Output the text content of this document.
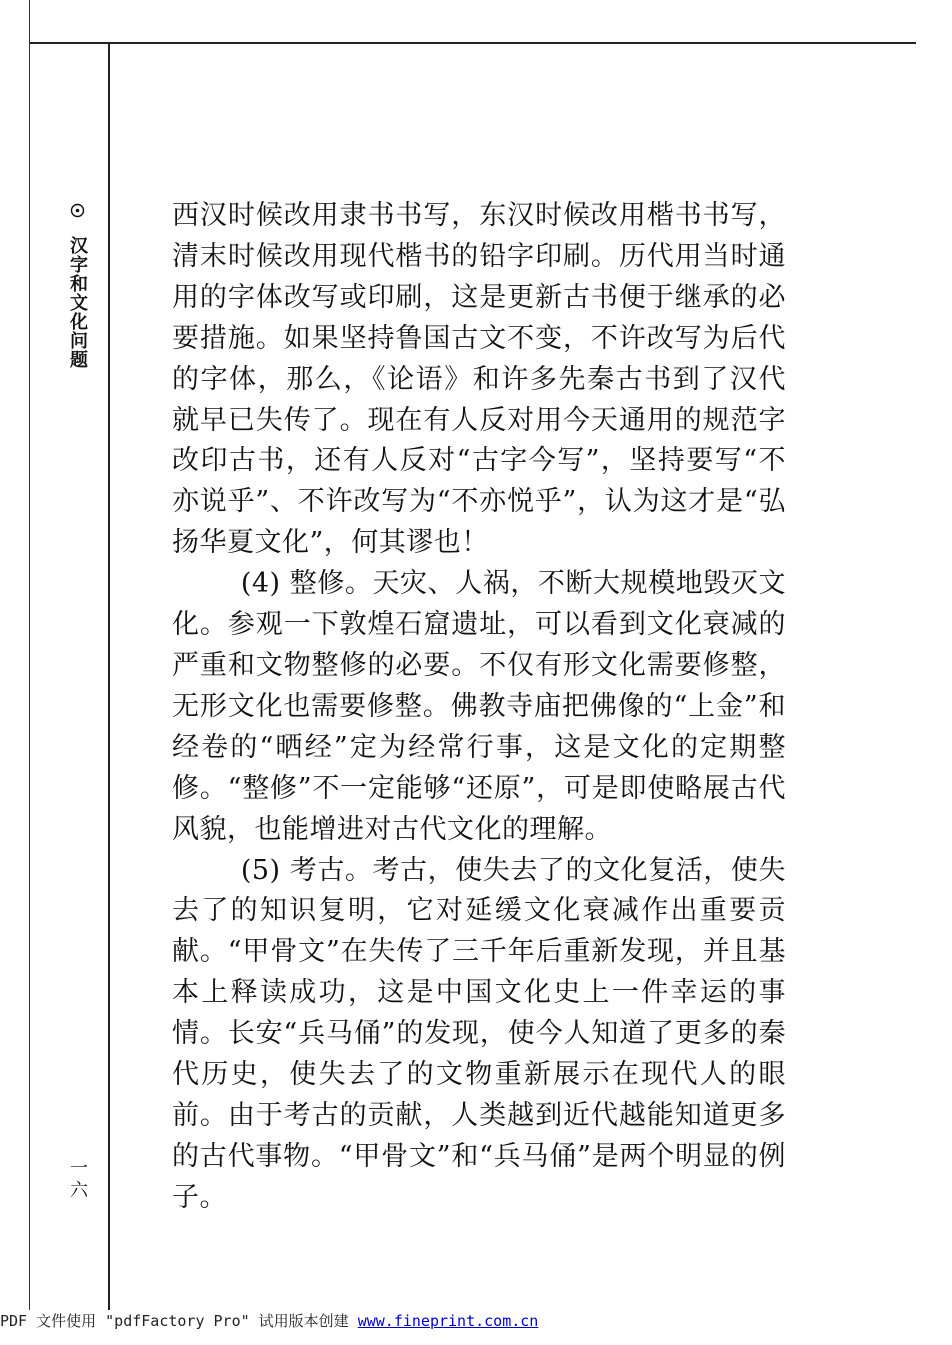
汉字和文化问题
一六

西汉时候改用隶书书写，东汉时候改用楷书书写，清末时候改用现代楷书的铅字印刷。历代用当时通用的字体改写或印刷，这是更新古书便于继承的必要措施。如果坚持鲁国古文不变，不许改写为后代的字体，那么，《论语》和许多先秦古书到了汉代就早已失传了。现在有人反对用今天通用的规范字改印古书，还有人反对“古字今写”，坚持要写“不亦说乎”、不许改写为“不亦悦乎”，认为这才是“弘扬华夏文化”，何其谬也！

(4) 整修。天灾、人祸，不断大规模地毁灭文化。参观一下敦煌石窟遗址，可以看到文化衰减的严重和文物整修的必要。不仅有形文化需要修整，无形文化也需要修整。佛教寺庙把佛像的“上金”和经卷的“晒经”定为经常行事，这是文化的定期整修。“整修”不一定能够“还原”，可是即使略展古代风貌，也能增进对古代文化的理解。

(5) 考古。考古，使失去了的文化复活，使失去了的知识复明，它对延缓文化衰减作出重要贡献。“甲骨文”在失传了三千年后重新发现，并且基本上释读成功，这是中国文化史上一件幸运的事情。长安“兵马俑”的发现，使今人知道了更多的秦代历史，使失去了的文物重新展示在现代人的眼前。由于考古的贡献，人类越到近代越能知道更多的古代事物。“甲骨文”和“兵马俑”是两个明显的例子。

PDF 文件使用 "pdfFactory Pro" 试用版本创建 www.fineprint.com.cn
